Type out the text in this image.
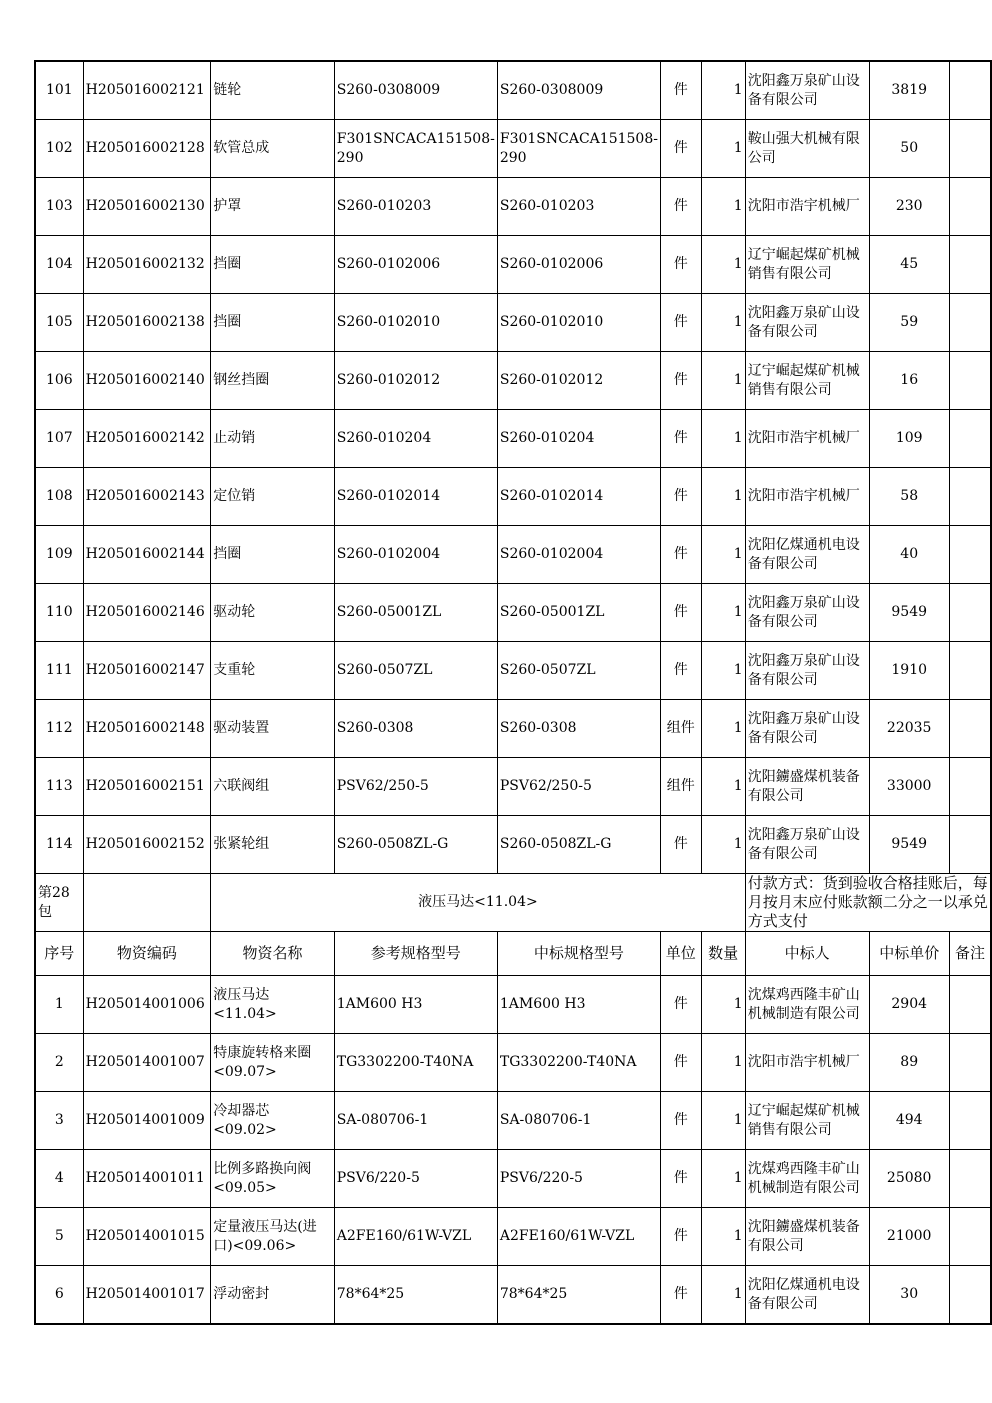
101	H205016002121	链轮	S260-0308009	S260-0308009	件	1	沈阳鑫万泉矿山设备有限公司	3819	
102	H205016002128	软管总成	F301SNCACA151508-290	F301SNCACA151508-290	件	1	鞍山强大机械有限公司	50	
103	H205016002130	护罩	S260-010203	S260-010203	件	1	沈阳市浩宇机械厂	230	
104	H205016002132	挡圈	S260-0102006	S260-0102006	件	1	辽宁崛起煤矿机械销售有限公司	45	
105	H205016002138	挡圈	S260-0102010	S260-0102010	件	1	沈阳鑫万泉矿山设备有限公司	59	
106	H205016002140	钢丝挡圈	S260-0102012	S260-0102012	件	1	辽宁崛起煤矿机械销售有限公司	16	
107	H205016002142	止动销	S260-010204	S260-010204	件	1	沈阳市浩宇机械厂	109	
108	H205016002143	定位销	S260-0102014	S260-0102014	件	1	沈阳市浩宇机械厂	58	
109	H205016002144	挡圈	S260-0102004	S260-0102004	件	1	沈阳亿煤通机电设备有限公司	40	
110	H205016002146	驱动轮	S260-05001ZL	S260-05001ZL	件	1	沈阳鑫万泉矿山设备有限公司	9549	
111	H205016002147	支重轮	S260-0507ZL	S260-0507ZL	件	1	沈阳鑫万泉矿山设备有限公司	1910	
112	H205016002148	驱动装置	S260-0308	S260-0308	组件	1	沈阳鑫万泉矿山设备有限公司	22035	
113	H205016002151	六联阀组	PSV62/250-5	PSV62/250-5	组件	1	沈阳鐪盛煤机装备有限公司	33000	
114	H205016002152	张紧轮组	S260-0508ZL-G	S260-0508ZL-G	件	1	沈阳鑫万泉矿山设备有限公司	9549	
第28包		液压马达<11.04>					付款方式：货到验收合格挂账后，每月按月末应付账款额二分之一以承兑方式支付		
序号	物资编码	物资名称	参考规格型号	中标规格型号	单位	数量	中标人	中标单价	备注
1	H205014001006	液压马达<11.04>	1AM600 H3	1AM600 H3	件	1	沈煤鸡西隆丰矿山机械制造有限公司	2904	
2	H205014001007	特康旋转格来圈<09.07>	TG3302200-T40NA	TG3302200-T40NA	件	1	沈阳市浩宇机械厂	89	
3	H205014001009	冷却器芯<09.02>	SA-080706-1	SA-080706-1	件	1	辽宁崛起煤矿机械销售有限公司	494	
4	H205014001011	比例多路换向阀<09.05>	PSV6/220-5	PSV6/220-5	件	1	沈煤鸡西隆丰矿山机械制造有限公司	25080	
5	H205014001015	定量液压马达(进口)<09.06>	A2FE160/61W-VZL	A2FE160/61W-VZL	件	1	沈阳鐪盛煤机装备有限公司	21000	
6	H205014001017	浮动密封	78*64*25	78*64*25	件	1	沈阳亿煤通机电设备有限公司	30	
